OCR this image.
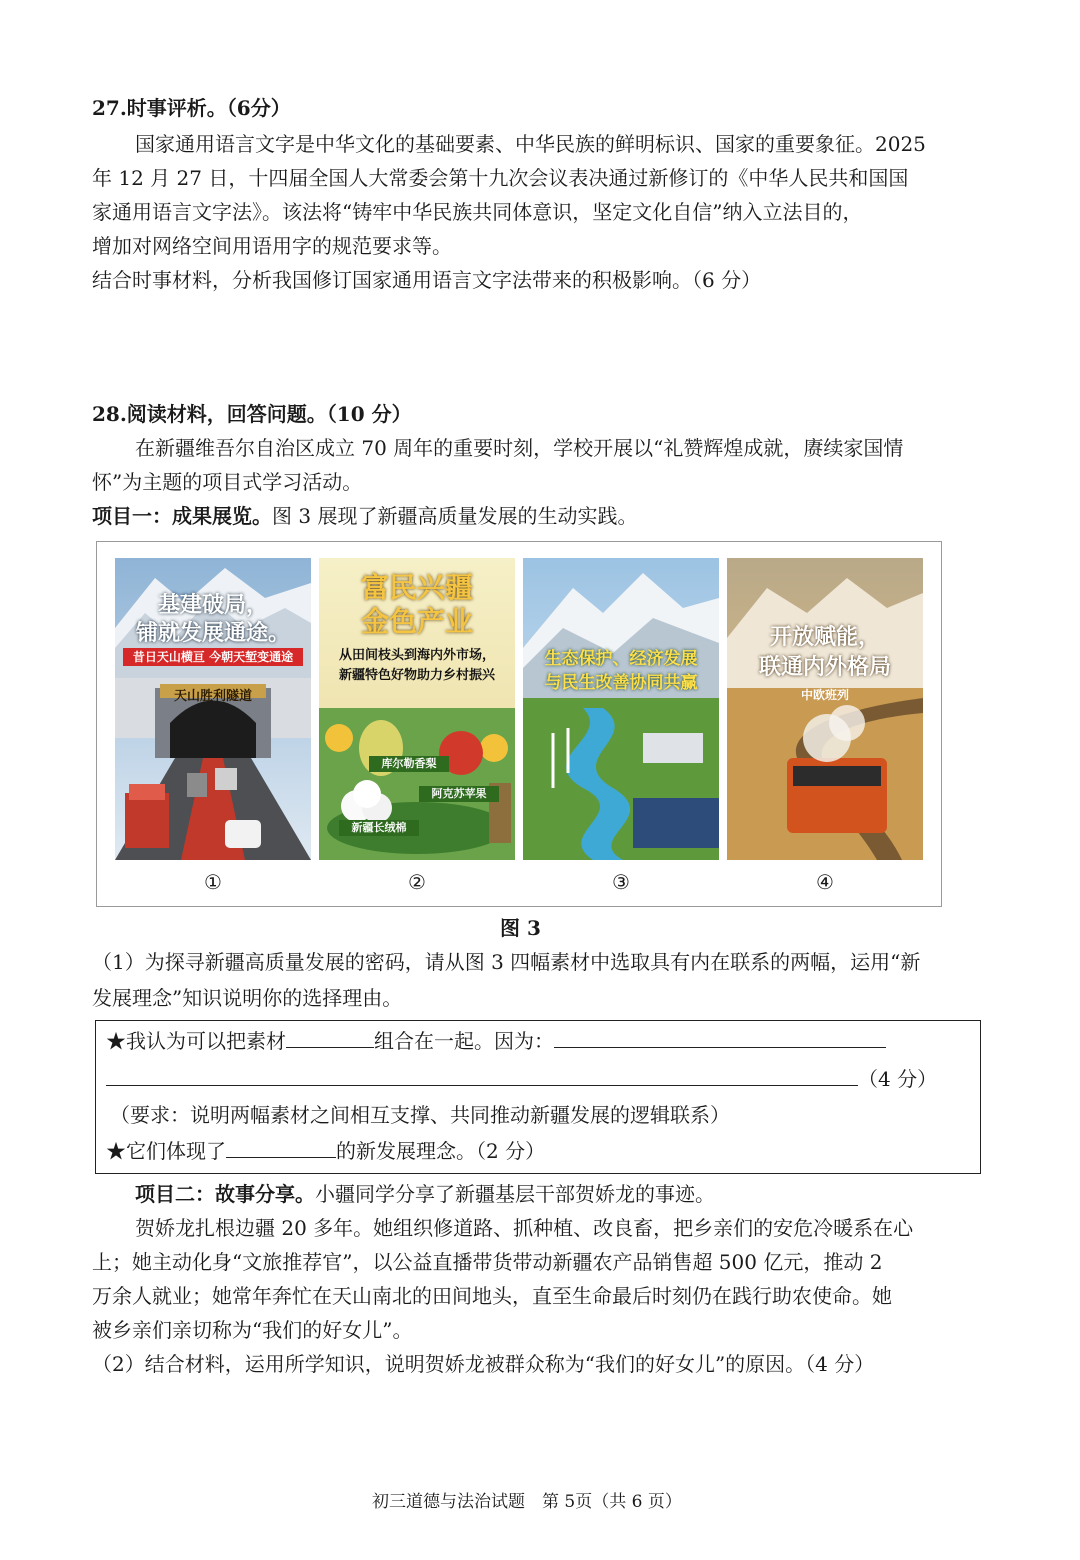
27.时事评析。（6分）
国家通用语言文字是中华文化的基础要素、中华民族的鲜明标识、国家的重要象征。2025
年 12 月 27 日，十四届全国人大常委会第十九次会议表决通过新修订的《中华人民共和国国
家通用语言文字法》。该法将“铸牢中华民族共同体意识，坚定文化自信”纳入立法目的，
增加对网络空间用语用字的规范要求等。
结合时事材料，分析我国修订国家通用语言文字法带来的积极影响。（6 分）
28.阅读材料，回答问题。（10 分）
在新疆维吾尔自治区成立 70 周年的重要时刻，学校开展以“礼赞辉煌成就，赓续家国情
怀”为主题的项目式学习活动。
项目一：成果展览。图 3 展现了新疆高质量发展的生动实践。
基建破局，
铺就发展通途。
昔日天山横亘 今朝天堑变通途
天山胜利隧道
富民兴疆
金色产业
从田间枝头到海内外市场，
新疆特色好物助力乡村振兴
库尔勒香梨
阿克苏苹果
新疆长绒棉
生态保护、经济发展
与民生改善协同共赢
开放赋能，
联通内外格局
中欧班列
①	②	③	④
图 3
（1）为探寻新疆高质量发展的密码，请从图 3 四幅素材中选取具有内在联系的两幅，运用“新
发展理念”知识说明你的选择理由。
★我认为可以把素材	组合在一起。因为：
（4 分）
（要求：说明两幅素材之间相互支撑、共同推动新疆发展的逻辑联系）
★它们体现了	的新发展理念。（2 分）
项目二：故事分享。小疆同学分享了新疆基层干部贺娇龙的事迹。
贺娇龙扎根边疆 20 多年。她组织修道路、抓种植、改良畜，把乡亲们的安危冷暖系在心
上；她主动化身“文旅推荐官”，以公益直播带货带动新疆农产品销售超 500 亿元，推动 2
万余人就业；她常年奔忙在天山南北的田间地头，直至生命最后时刻仍在践行助农使命。她
被乡亲们亲切称为“我们的好女儿”。
（2）结合材料，运用所学知识，说明贺娇龙被群众称为“我们的好女儿”的原因。（4 分）
初三道德与法治试题　第 5页（共 6 页）
